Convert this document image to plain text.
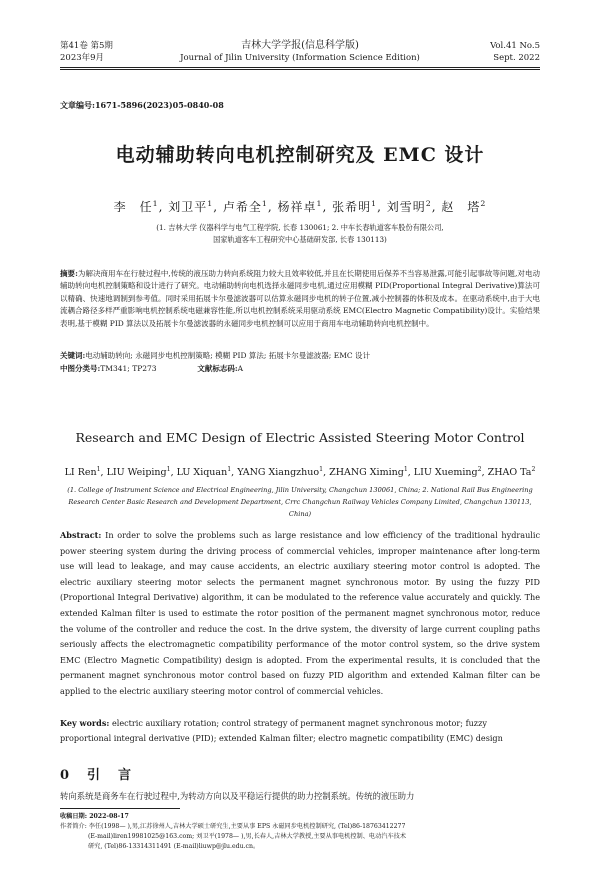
第41卷 第5期
2023年9月
吉林大学学报(信息科学版)
Journal of Jilin University (Information Science Edition)
Vol.41 No.5
Sept. 2022
文章编号:1671-5896(2023)05-0840-08
电动辅助转向电机控制研究及 EMC 设计
李　任$^1$, 刘卫平$^1$, 卢希全$^1$, 杨祥卓$^1$, 张希明$^1$, 刘雪明$^2$, 赵　塔$^2$
(1. 吉林大学 仪器科学与电气工程学院, 长春 130061; 2. 中车长春轨道客车股份有限公司,
国家轨道客车工程研究中心基础研发部, 长春 130113)
摘要:为解决商用车在行驶过程中,传统的液压助力转向系统阻力较大且效率较低,并且在长期使用后保养不当容易泄露,可能引起事故等问题,对电动辅助转向电机控制策略和设计进行了研究。电动辅助转向电机选择永磁同步电机,通过应用模糊 PID(Proportional Integral Derivative)算法可以精确、快速地调制到参考值。同时采用拓展卡尔曼滤波器可以估算永磁同步电机的转子位置,减小控制器的体积及成本。在驱动系统中,由于大电流耦合路径多样严重影响电机控制系统电磁兼容性能,所以电机控制系统采用驱动系统 EMC(Electro Magnetic Compatibility)设计。实验结果表明,基于模糊 PID 算法以及拓展卡尔曼滤波器的永磁同步电机控制可以应用于商用车电动辅助转向电机控制中。
关键词:电动辅助转向; 永磁同步电机控制策略; 模糊 PID 算法; 拓展卡尔曼滤波器; EMC 设计
中图分类号:TM341; TP273	文献标志码:A
Research and EMC Design of Electric Assisted Steering Motor Control
LI Ren$^1$, LIU Weiping$^1$, LU Xiquan$^1$, YANG Xiangzhuo$^1$, ZHANG Ximing$^1$, LIU Xueming$^2$, ZHAO Ta$^2$
(1. College of Instrument Science and Electrical Engineering, Jilin University, Changchun 130061, China; 2. National Rail Bus Engineering
Research Center Basic Research and Development Department, Crrc Changchun Railway Vehicles Company Limited, Changchun 130113, China)
Abstract: In order to solve the problems such as large resistance and low efficiency of the traditional hydraulic power steering system during the driving process of commercial vehicles, improper maintenance after long-term use will lead to leakage, and may cause accidents, an electric auxiliary steering motor control is adopted. The electric auxiliary steering motor selects the permanent magnet synchronous motor. By using the fuzzy PID (Proportional Integral Derivative) algorithm, it can be modulated to the reference value accurately and quickly. The extended Kalman filter is used to estimate the rotor position of the permanent magnet synchronous motor, reduce the volume of the controller and reduce the cost. In the drive system, the diversity of large current coupling paths seriously affects the electromagnetic compatibility performance of the motor control system, so the drive system EMC (Electro Magnetic Compatibility) design is adopted. From the experimental results, it is concluded that the permanent magnet synchronous motor control based on fuzzy PID algorithm and extended Kalman filter can be applied to the electric auxiliary steering motor control of commercial vehicles.
Key words: electric auxiliary rotation; control strategy of permanent magnet synchronous motor; fuzzy proportional integral derivative (PID); extended Kalman filter; electro magnetic compatibility (EMC) design
0引言
转向系统是商务车在行驶过程中,为转动方向以及平稳运行提供的助力控制系统。传统的液压助力
收稿日期: 2022-08-17
作者简介: 李任(1998— ),男,江苏徐州人,吉林大学硕士研究生,主要从事 EPS 永磁同步电机控制研究, (Tel)86-18763412277
(E-mail)liren19981025@163.com; 刘卫平(1978— ),男,长春人,吉林大学教授,主要从事电机控制、电动汽车技术
研究, (Tel)86-13314311491 (E-mail)liuwp@jlu.edu.cn。
